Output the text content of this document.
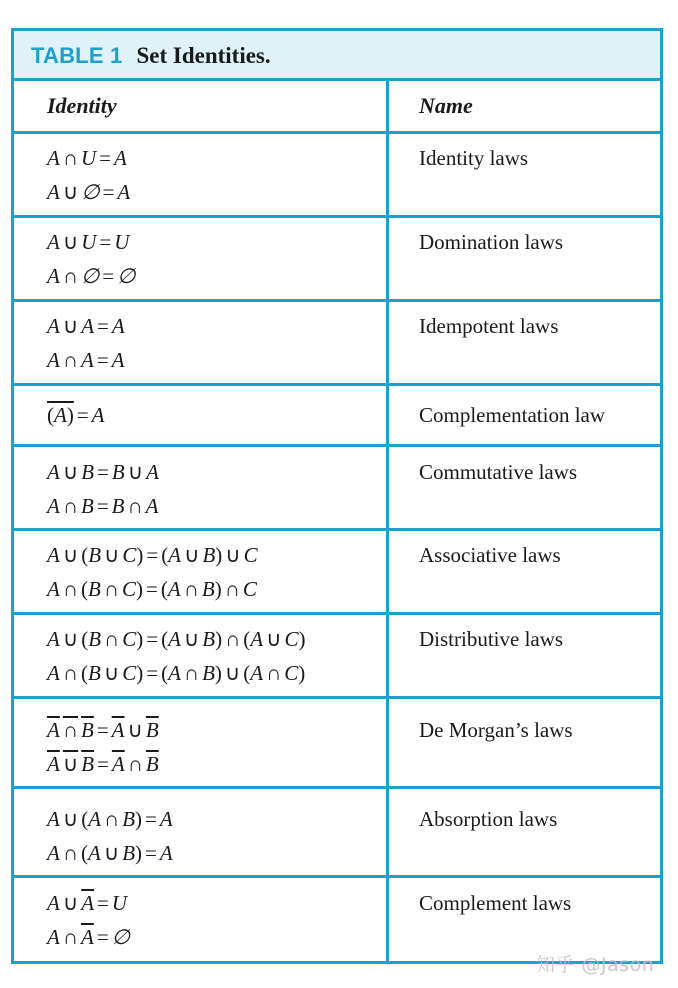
TABLE 1 Set Identities.
Identity	Name
A ∩ U = A
A ∪ ∅ = A
Identity laws
A ∪ U = U
A ∩ ∅ = ∅
Domination laws
A ∪ A = A
A ∩ A = A
Idempotent laws
(A) = A	Complementation law
A ∪ B = B ∪ A
A ∩ B = B ∩ A
Commutative laws
A ∪ (B ∪ C) = (A ∪ B) ∪ C
A ∩ (B ∩ C) = (A ∩ B) ∩ C
Associative laws
A ∪ (B ∩ C) = (A ∪ B) ∩ (A ∪ C)
A ∩ (B ∪ C) = (A ∩ B) ∪ (A ∩ C)
Distributive laws
A ∩ $B = \overline{A}$ ∪ $\overline{B}$
A ∪ $B = \overline{A}$ ∩ $\overline{B}$
De Morgan’s laws
A ∪ (A ∩ B) = A
A ∩ (A ∪ B) = A
Absorption laws
A ∪ $\overline{A} = U$
A ∩ $\overline{A}$ = ∅
Complement laws
知乎 @Jason
